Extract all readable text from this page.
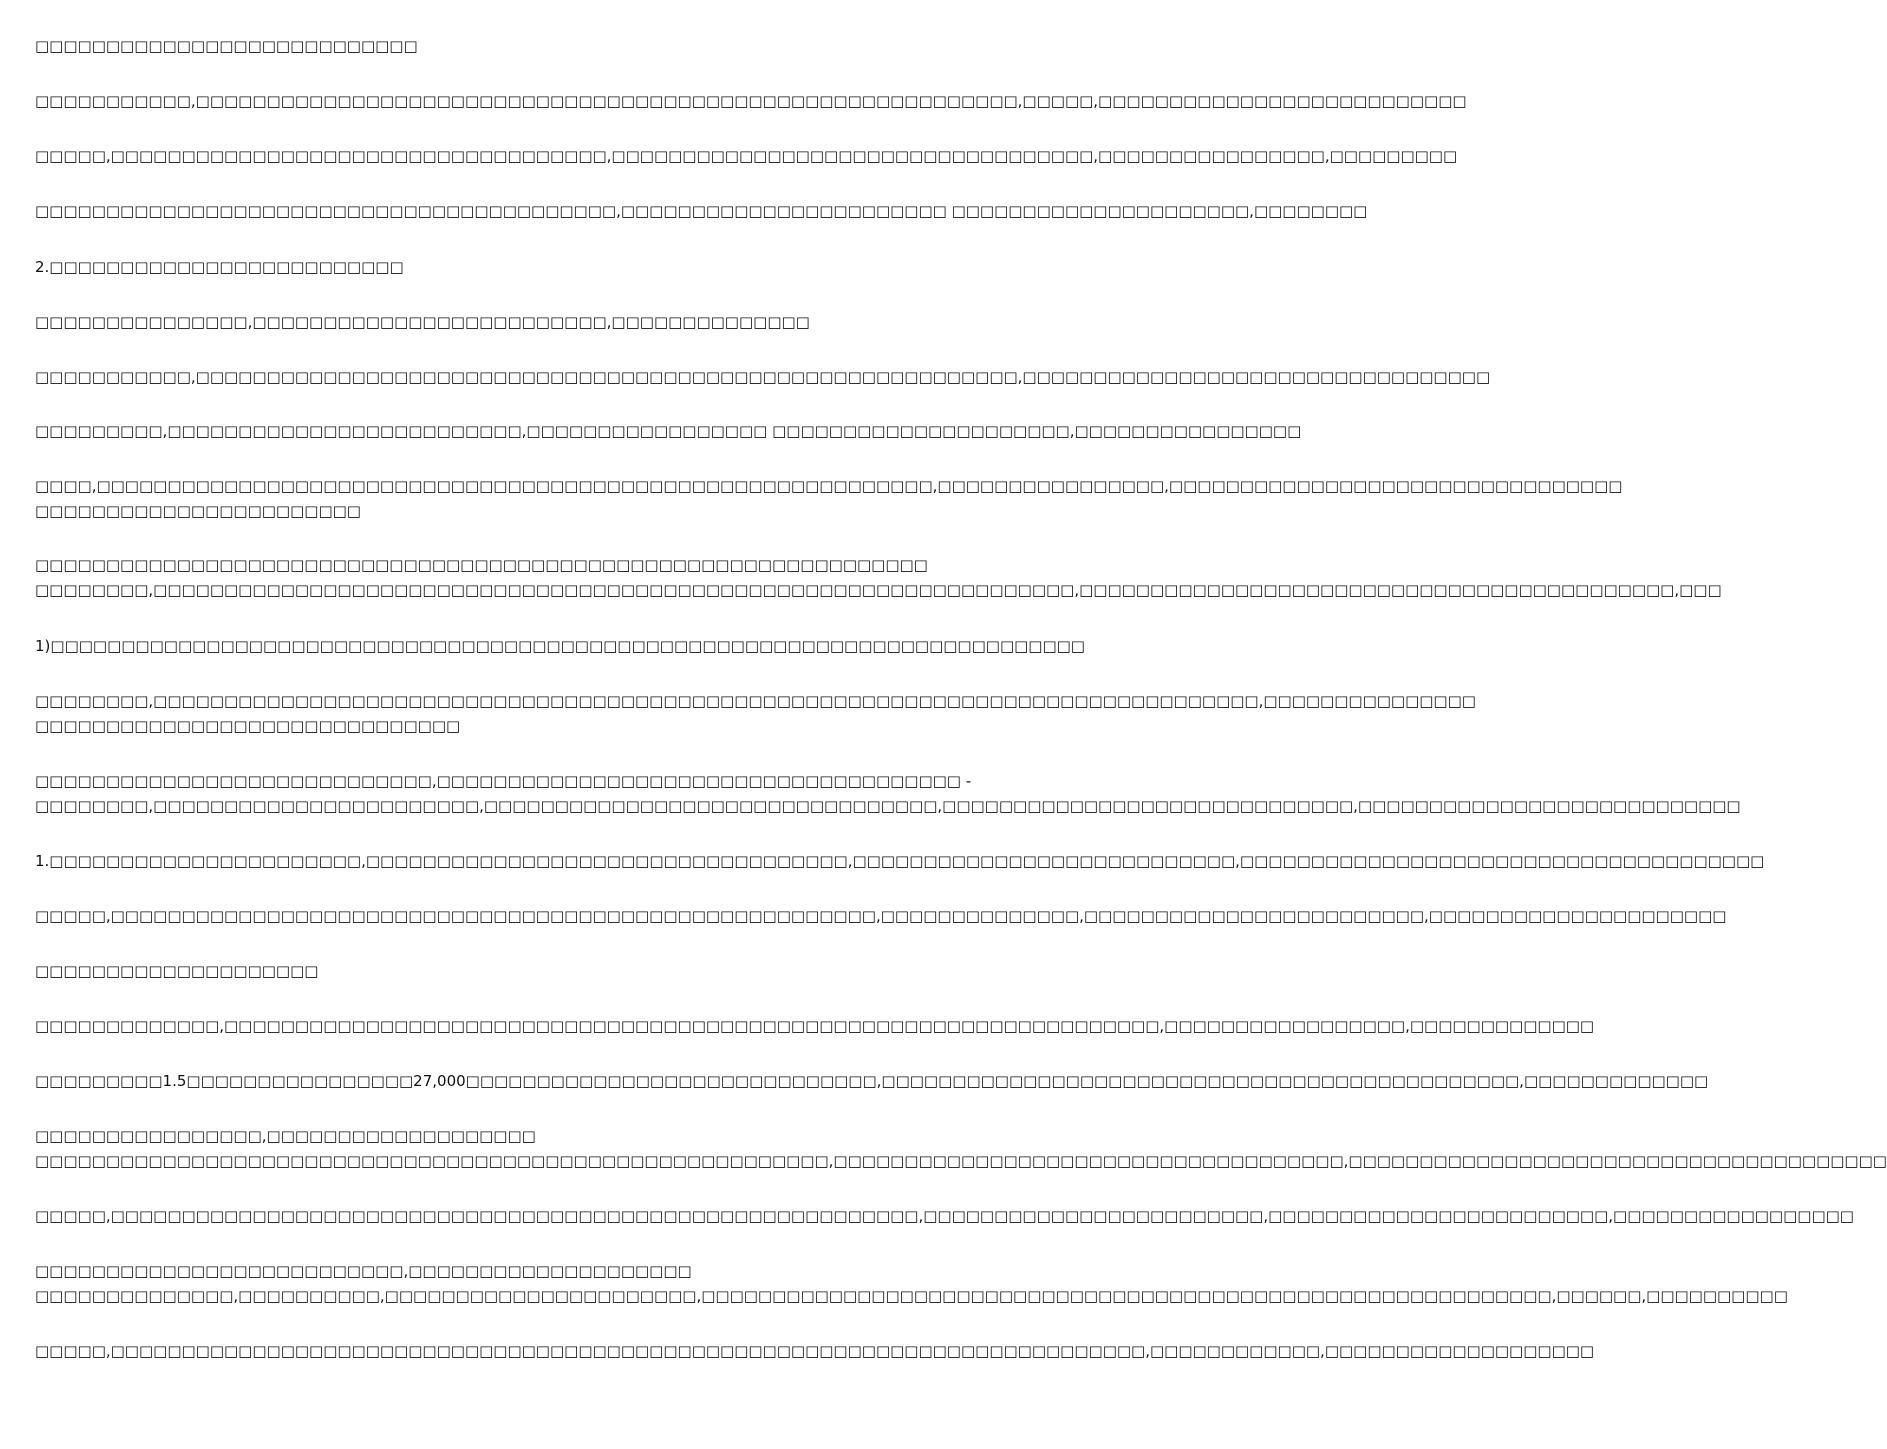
□□□□□□□□□□□□□□□□□□□□□□□□□□□
□□□□□□□□□□□,□□□□□□□□□□□□□□□□□□□□□□□□□□□□□□□□□□□□□□□□□□□□□□□□□□□□□□□□□□,□□□□□,□□□□□□□□□□□□□□□□□□□□□□□□□□
□□□□□,□□□□□□□□□□□□□□□□□□□□□□□□□□□□□□□□□□□,□□□□□□□□□□□□□□□□□□□□□□□□□□□□□□□□□□,□□□□□□□□□□□□□□□□,□□□□□□□□□
□□□□□□□□□□□□□□□□□□□□□□□□□□□□□□□□□□□□□□□□□,□□□□□□□□□□□□□□□□□□□□□□□ □□□□□□□□□□□□□□□□□□□□□,□□□□□□□□
2.□□□□□□□□□□□□□□□□□□□□□□□□□
□□□□□□□□□□□□□□□,□□□□□□□□□□□□□□□□□□□□□□□□□,□□□□□□□□□□□□□□
□□□□□□□□□□□,□□□□□□□□□□□□□□□□□□□□□□□□□□□□□□□□□□□□□□□□□□□□□□□□□□□□□□□□□□,□□□□□□□□□□□□□□□□□□□□□□□□□□□□□□□□□
□□□□□□□□□,□□□□□□□□□□□□□□□□□□□□□□□□□,□□□□□□□□□□□□□□□□□ □□□□□□□□□□□□□□□□□□□□□,□□□□□□□□□□□□□□□□
□□□□,□□□□□□□□□□□□□□□□□□□□□□□□□□□□□□□□□□□□□□□□□□□□□□□□□□□□□□□□□□□,□□□□□□□□□□□□□□□□,□□□□□□□□□□□□□□□□□□□□□□□□□□□□□□□□
□□□□□□□□□□□□□□□□□□□□□□□
□□□□□□□□□□□□□□□□□□□□□□□□□□□□□□□□□□□□□□□□□□□□□□□□□□□□□□□□□□□□□□□
□□□□□□□□,□□□□□□□□□□□□□□□□□□□□□□□□□□□□□□□□□□□□□□□□□□□□□□□□□□□□□□□□□□□□□□□□□,□□□□□□□□□□□□□□□□□□□□□□□□□□□□□□□□□□□□□□□□□□,□□□
1)□□□□□□□□□□□□□□□□□□□□□□□□□□□□□□□□□□□□□□□□□□□□□□□□□□□□□□□□□□□□□□□□□□□□□□□□□
□□□□□□□□,□□□□□□□□□□□□□□□□□□□□□□□□□□□□□□□□□□□□□□□□□□□□□□□□□□□□□□□□□□□□□□□□□□□□□□□□□□□□□□,□□□□□□□□□□□□□□□
□□□□□□□□□□□□□□□□□□□□□□□□□□□□□□
□□□□□□□□□□□□□□□□□□□□□□□□□□□□,□□□□□□□□□□□□□□□□□□□□□□□□□□□□□□□□□□□□□ -
□□□□□□□□,□□□□□□□□□□□□□□□□□□□□□□□,□□□□□□□□□□□□□□□□□□□□□□□□□□□□□□□□,□□□□□□□□□□□□□□□□□□□□□□□□□□□□□,□□□□□□□□□□□□□□□□□□□□□□□□□□□
1.□□□□□□□□□□□□□□□□□□□□□□,□□□□□□□□□□□□□□□□□□□□□□□□□□□□□□□□□□,□□□□□□□□□□□□□□□□□□□□□□□□□□□,□□□□□□□□□□□□□□□□□□□□□□□□□□□□□□□□□□□□□
□□□□□,□□□□□□□□□□□□□□□□□□□□□□□□□□□□□□□□□□□□□□□□□□□□□□□□□□□□□□,□□□□□□□□□□□□□□,□□□□□□□□□□□□□□□□□□□□□□□□,□□□□□□□□□□□□□□□□□□□□□
□□□□□□□□□□□□□□□□□□□□
□□□□□□□□□□□□□,□□□□□□□□□□□□□□□□□□□□□□□□□□□□□□□□□□□□□□□□□□□□□□□□□□□□□□□□□□□□□□□□□□,□□□□□□□□□□□□□□□□□,□□□□□□□□□□□□□
□□□□□□□□□1.5□□□□□□□□□□□□□□□□27,000□□□□□□□□□□□□□□□□□□□□□□□□□□□□□,□□□□□□□□□□□□□□□□□□□□□□□□□□□□□□□□□□□□□□□□□□□□□,□□□□□□□□□□□□□
□□□□□□□□□□□□□□□□,□□□□□□□□□□□□□□□□□□□
□□□□□□□□□□□□□□□□□□□□□□□□□□□□□□□□□□□□□□□□□□□□□□□□□□□□□□□□,□□□□□□□□□□□□□□□□□□□□□□□□□□□□□□□□□□□□,□□□□□□□□□□□□□□□□□□□□□□□□□□□□□□□□□□□□□□
□□□□□,□□□□□□□□□□□□□□□□□□□□□□□□□□□□□□□□□□□□□□□□□□□□□□□□□□□□□□□□□,□□□□□□□□□□□□□□□□□□□□□□□□,□□□□□□□□□□□□□□□□□□□□□□□□,□□□□□□□□□□□□□□□□□
□□□□□□□□□□□□□□□□□□□□□□□□□□,□□□□□□□□□□□□□□□□□□□□
□□□□□□□□□□□□□□,□□□□□□□□□□,□□□□□□□□□□□□□□□□□□□□□□,□□□□□□□□□□□□□□□□□□□□□□□□□□□□□□□□□□□□□□□□□□□□□□□□□□□□□□□□□□□□,□□□□□□,□□□□□□□□□□
□□□□□,□□□□□□□□□□□□□□□□□□□□□□□□□□□□□□□□□□□□□□□□□□□□□□□□□□□□□□□□□□□□□□□□□□□□□□□□□,□□□□□□□□□□□□,□□□□□□□□□□□□□□□□□□□
